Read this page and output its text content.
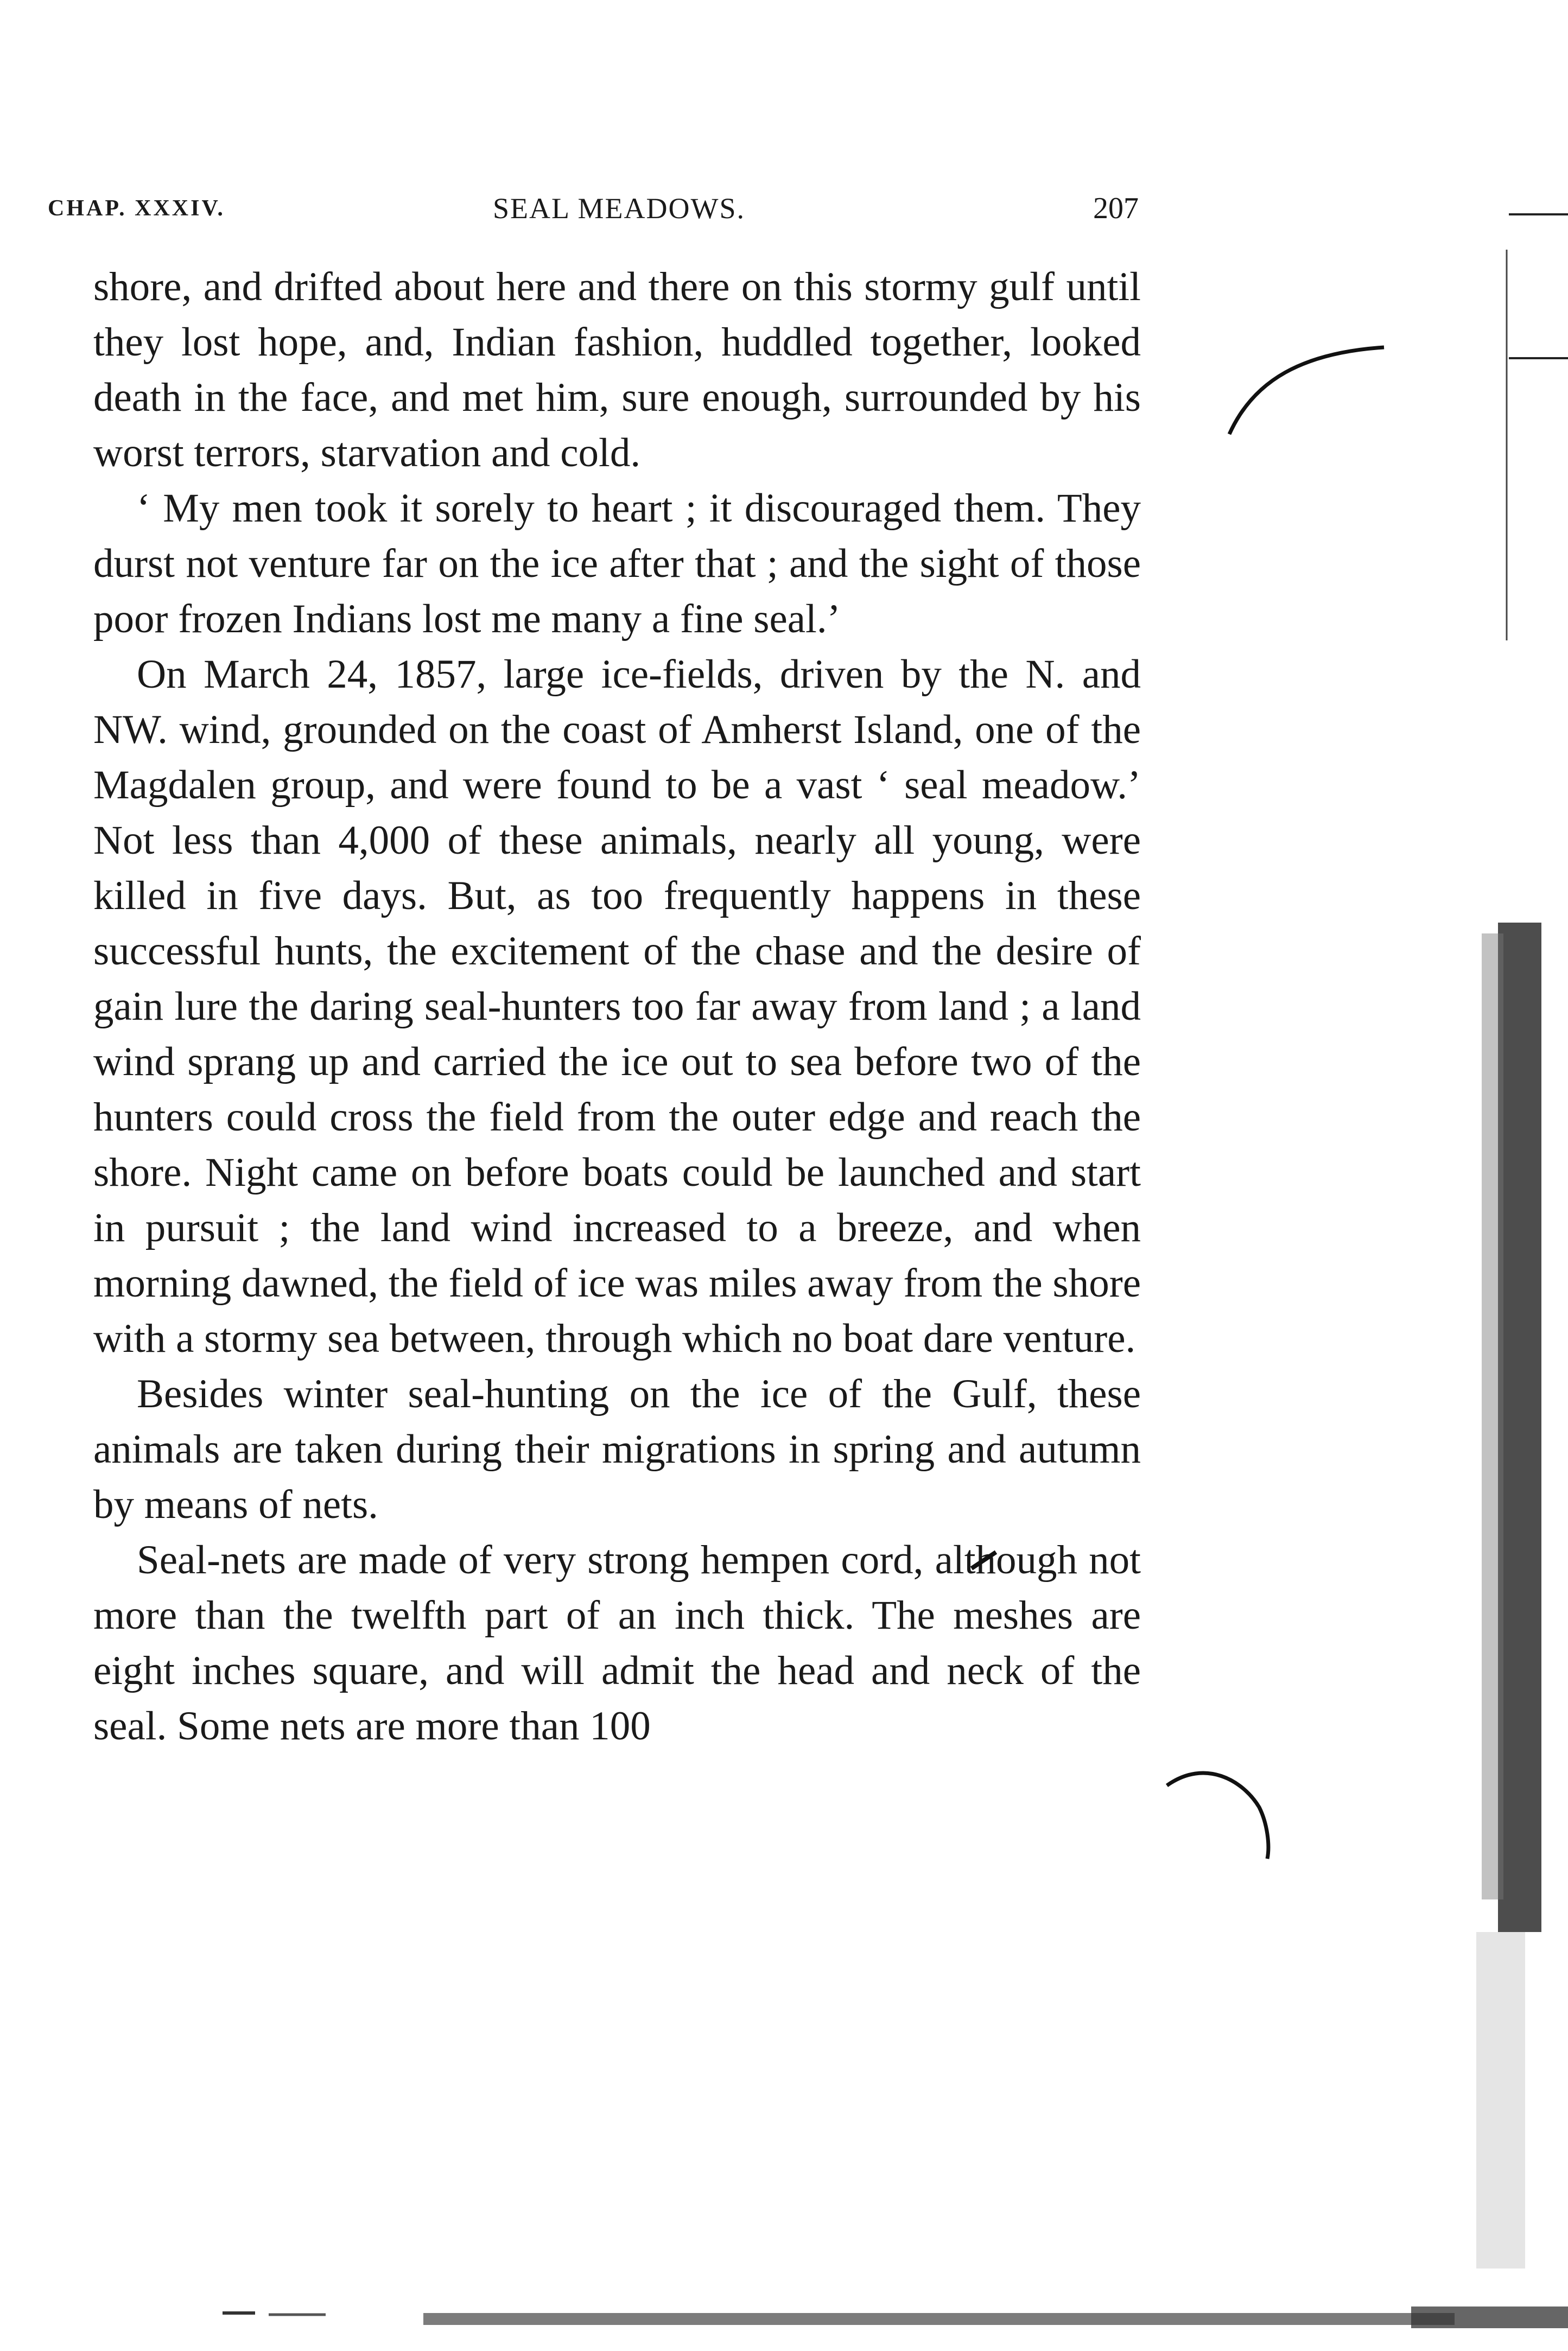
CHAP. XXXIV.	SEAL MEADOWS.	207

shore, and drifted about here and there on this stormy gulf until they lost hope, and, Indian fashion, huddled together, looked death in the face, and met him, sure enough, surrounded by his worst terrors, starvation and cold.

‘ My men took it sorely to heart ; it discouraged them. They durst not venture far on the ice after that ; and the sight of those poor frozen Indians lost me many a fine seal.’

On March 24, 1857, large ice-fields, driven by the N. and NW. wind, grounded on the coast of Amherst Island, one of the Magdalen group, and were found to be a vast ‘ seal meadow.’ Not less than 4,000 of these animals, nearly all young, were killed in five days. But, as too frequently happens in these successful hunts, the excitement of the chase and the desire of gain lure the daring seal-hunters too far away from land ; a land wind sprang up and carried the ice out to sea before two of the hunters could cross the field from the outer edge and reach the shore. Night came on before boats could be launched and start in pursuit ; the land wind increased to a breeze, and when morning dawned, the field of ice was miles away from the shore with a stormy sea between, through which no boat dare venture.

Besides winter seal-hunting on the ice of the Gulf, these animals are taken during their migrations in spring and autumn by means of nets.

Seal-nets are made of very strong hempen cord, although not more than the twelfth part of an inch thick. The meshes are eight inches square, and will admit the head and neck of the seal. Some nets are more than 100
